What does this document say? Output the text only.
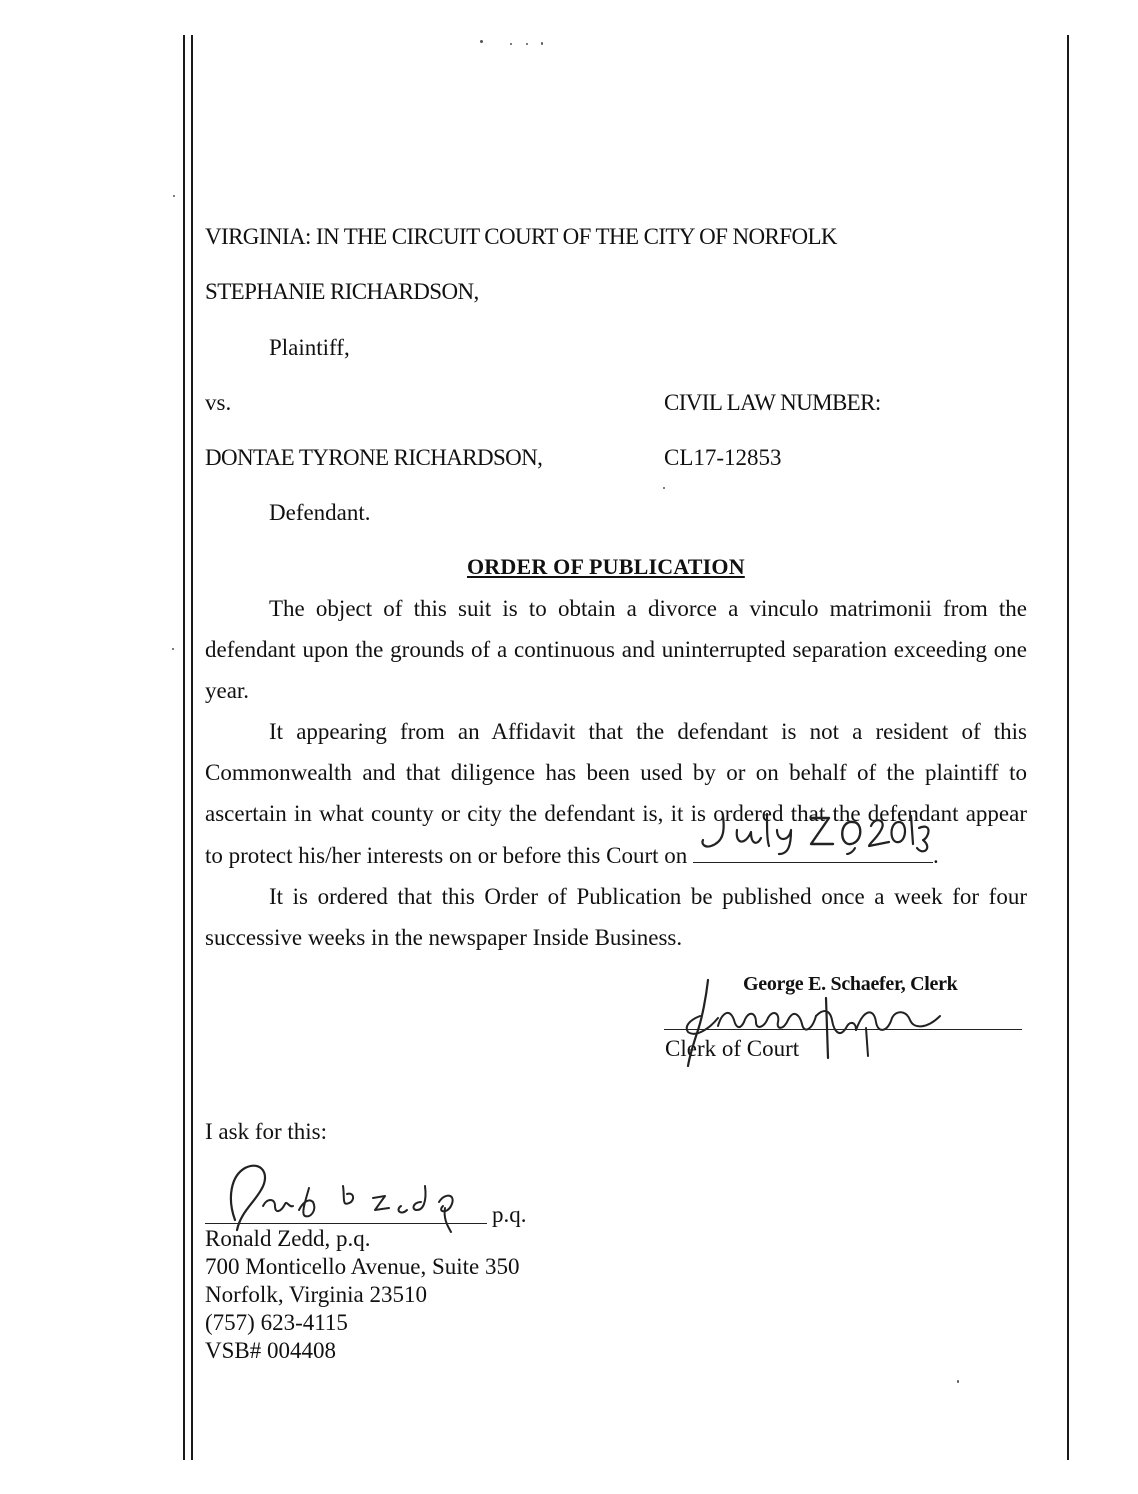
VIRGINIA: IN THE CIRCUIT COURT OF THE CITY OF NORFOLK
STEPHANIE RICHARDSON,
Plaintiff,
vs.	CIVIL LAW NUMBER:
DONTAE TYRONE RICHARDSON,	CL17-12853
Defendant.
ORDER OF PUBLICATION
The object of this suit is to obtain a divorce a vinculo matrimonii from the defendant upon the grounds of a continuous and uninterrupted separation exceeding one year.
It appearing from an Affidavit that the defendant is not a resident of this Commonwealth and that diligence has been used by or on behalf of the plaintiff to ascertain in what county or city the defendant is, it is ordered that the defendant appear to protect his/her interests on or before this Court on	.
It is ordered that this Order of Publication be published once a week for four successive weeks in the newspaper Inside Business.
George E. Schaefer, Clerk
Clerk of Court
I ask for this:
p.q.
Ronald Zedd, p.q.
700 Monticello Avenue, Suite 350
Norfolk, Virginia 23510
(757) 623-4115
VSB# 004408
